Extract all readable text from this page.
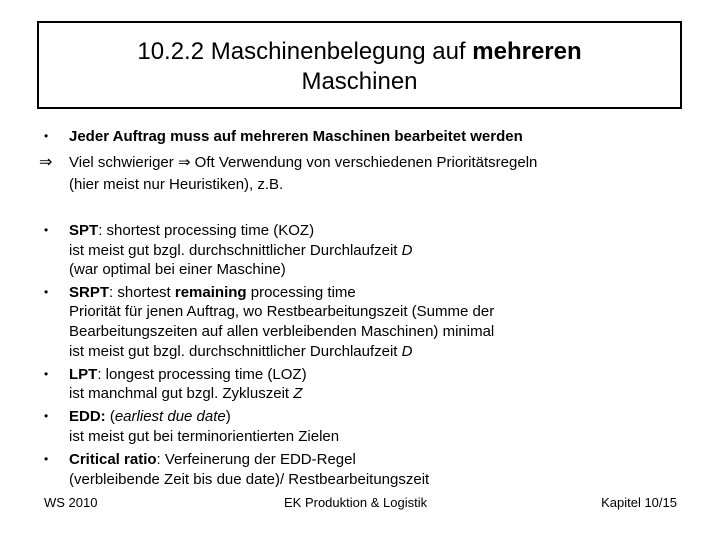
10.2.2 Maschinenbelegung auf mehreren
Maschinen
• Jeder Auftrag muss auf mehreren Maschinen bearbeitet werden
⇒ Viel schwieriger ⇒ Oft Verwendung von verschiedenen Prioritätsregeln
(hier meist nur Heuristiken), z.B.
• SPT: shortest processing time (KOZ)
ist meist gut bzgl. durchschnittlicher Durchlaufzeit D
(war optimal bei einer Maschine)
• SRPT: shortest remaining processing time
Priorität für jenen Auftrag, wo Restbearbeitungszeit (Summe der
Bearbeitungszeiten auf allen verbleibenden Maschinen) minimal
ist meist gut bzgl. durchschnittlicher Durchlaufzeit D
• LPT: longest processing time (LOZ)
ist manchmal gut bzgl. Zykluszeit Z
• EDD: (earliest due date)
ist meist gut bei terminorientierten Zielen
• Critical ratio: Verfeinerung der EDD-Regel
(verbleibende Zeit bis due date)/ Restbearbeitungszeit
WS 2010	EK Produktion & Logistik	Kapitel 10/15
